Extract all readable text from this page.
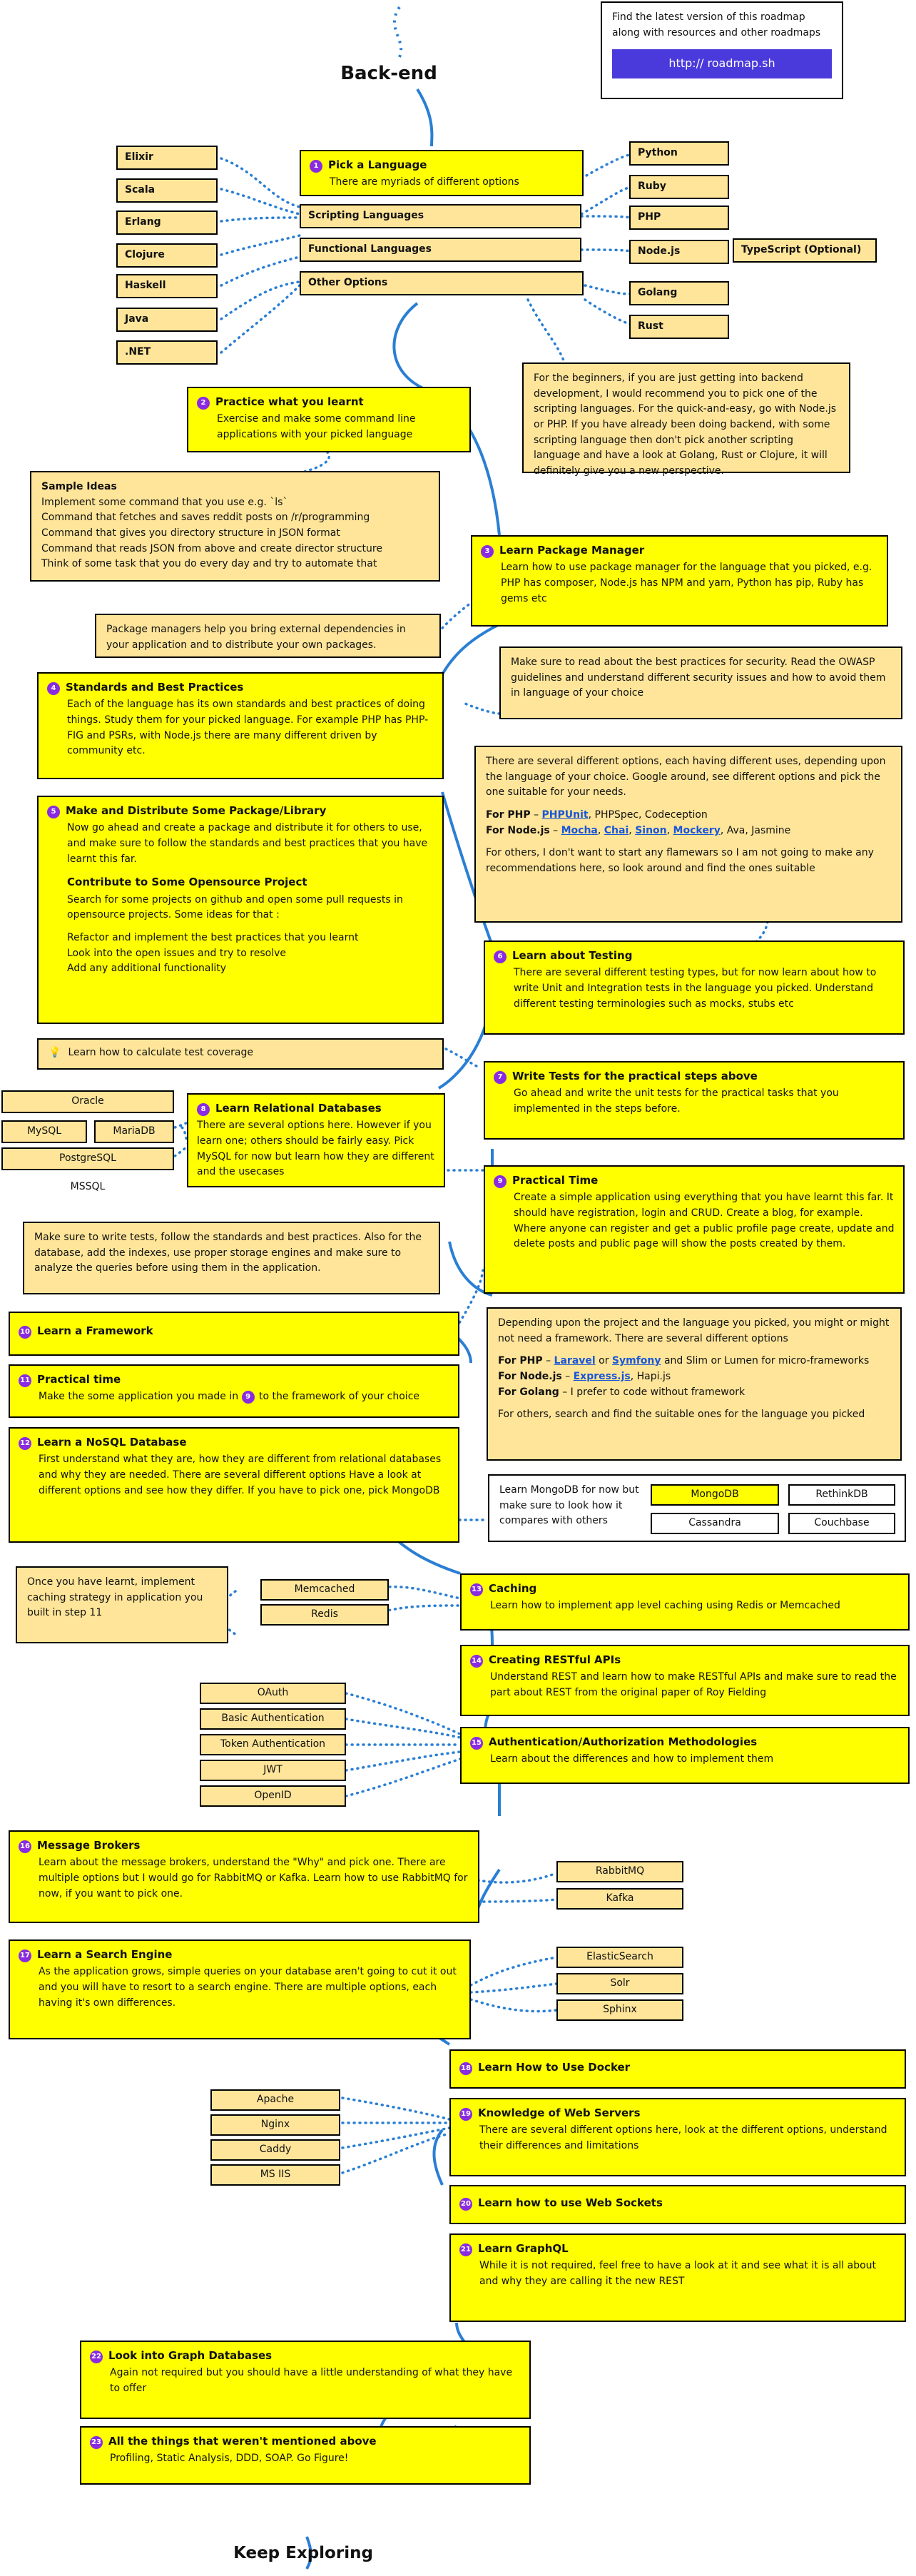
Back-end

Find the latest version of this roadmap along with resources and other roadmaps

http:// roadmap.sh
Elixir
Scala
Erlang
Clojure
Haskell
Java
.NET
1 Pick a Language
There are myriads of different options
Scripting Languages
Functional Languages
Other Options
Python
Ruby
PHP
Node.js	TypeScript (Optional)
Golang
Rust

For the beginners, if you are just getting into backend development, I would recommend you to pick one of the scripting languages. For the quick-and-easy, go with Node.js or PHP. If you have already been doing backend, with some scripting language then don't pick another scripting language and have a look at Golang, Rust or Clojure, it will definitely give you a new perspective.

2 Practice what you learnt
Exercise and make some command line applications with your picked language

Sample Ideas

Implement some command that you use e.g. `ls`

Command that fetches and saves reddit posts on /r/programming

Command that gives you directory structure in JSON format

Command that reads JSON from above and create director structure

Think of some task that you do every day and try to automate that

3 Learn Package Manager
Learn how to use package manager for the language that you picked, e.g. PHP has composer, Node.js has NPM and yarn, Python has pip, Ruby has gems etc

Package managers help you bring external dependencies in your application and to distribute your own packages.

Make sure to read about the best practices for security. Read the OWASP guidelines and understand different security issues and how to avoid them in language of your choice

4 Standards and Best Practices
Each of the language has its own standards and best practices of doing things. Study them for your picked language. For example PHP has PHP-FIG and PSRs, with Node.js there are many different driven by community etc.

There are several different options, each having different uses, depending upon the language of your choice. Google around, see different options and pick the one suitable for your needs.

For PHP – PHPUnit, PHPSpec, Codeception

For Node.js – Mocha, Chai, Sinon, Mockery, Ava, Jasmine

For others, I don't want to start any flamewars so I am not going to make any recommendations here, so look around and find the ones suitable

5 Make and Distribute Some Package/Library
Now go ahead and create a package and distribute it for others to use, and make sure to follow the standards and best practices that you have learnt this far.
Contribute to Some Opensource Project
Search for some projects on github and open some pull requests in opensource projects. Some ideas for that :
Refactor and implement the best practices that you learnt
Look into the open issues and try to resolve
Add any additional functionality
6 Learn about Testing
There are several different testing types, but for now learn about how to write Unit and Integration tests in the language you picked. Understand different testing terminologies such as mocks, stubs etc
💡 Learn how to calculate test coverage
7 Write Tests for the practical steps above
Go ahead and write the unit tests for the practical tasks that you implemented in the steps before.
Oracle
MySQL	MariaDB
PostgreSQL
MSSQL
8 Learn Relational Databases
There are several options here. However if you learn one; others should be fairly easy. Pick MySQL for now but learn how they are different and the usecases
9 Practical Time
Create a simple application using everything that you have learnt this far. It should have registration, login and CRUD. Create a blog, for example. Where anyone can register and get a public profile page create, update and delete posts and public page will show the posts created by them.

Make sure to write tests, follow the standards and best practices. Also for the database, add the indexes, use proper storage engines and make sure to analyze the queries before using them in the application.

Depending upon the project and the language you picked, you might or might not need a framework. There are several different options

For PHP – Laravel or Symfony and Slim or Lumen for micro-frameworks

For Node.js – Express.js, Hapi.js

For Golang – I prefer to code without framework

For others, search and find the suitable ones for the language you picked

10 Learn a Framework
11 Practical time
Make the some application you made in 9 to the framework of your choice
12 Learn a NoSQL Database
First understand what they are, how they are different from relational databases and why they are needed. There are several different options Have a look at different options and see how they differ. If you have to pick one, pick MongoDB	Learn MongoDB for now but make sure to look how it compares with others

MongoDB	RethinkDB
Cassandra	Couchbase

Once you have learnt, implement caching strategy in application you built in step 11

Memcached
Redis
13 Caching
Learn how to implement app level caching using Redis or Memcached
14 Creating RESTful APIs
Understand REST and learn how to make RESTful APIs and make sure to read the part about REST from the original paper of Roy Fielding
OAuth
Basic Authentication
Token Authentication
JWT
OpenID
15 Authentication/Authorization Methodologies
Learn about the differences and how to implement them
16 Message Brokers
Learn about the message brokers, understand the "Why" and pick one. There are multiple options but I would go for RabbitMQ or Kafka. Learn how to use RabbitMQ for now, if you want to pick one.
RabbitMQ
Kafka
17 Learn a Search Engine
As the application grows, simple queries on your database aren't going to cut it out and you will have to resort to a search engine. There are multiple options, each having it's own differences.
ElasticSearch
Solr
Sphinx
18 Learn How to Use Docker
Apache
Nginx
Caddy
MS IIS
19 Knowledge of Web Servers
There are several different options here, look at the different options, understand their differences and limitations
20 Learn how to use Web Sockets
21 Learn GraphQL
While it is not required, feel free to have a look at it and see what it is all about and why they are calling it the new REST
22 Look into Graph Databases
Again not required but you should have a little understanding of what they have to offer
23 All the things that weren't mentioned above
Profiling, Static Analysis, DDD, SOAP. Go Figure!
Keep Exploring
